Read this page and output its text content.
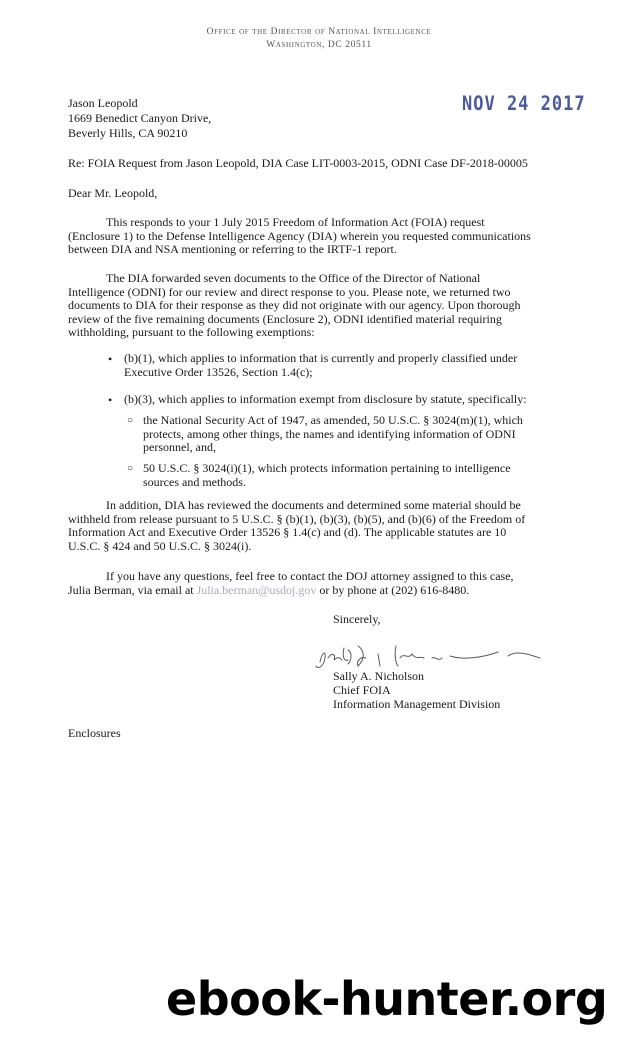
Office of the Director of National Intelligence
Washington, DC 20511
NOV 24 2017
Jason Leopold
1669 Benedict Canyon Drive,
Beverly Hills, CA 90210
Re: FOIA Request from Jason Leopold, DIA Case LIT-0003-2015, ODNI Case DF-2018-00005
Dear Mr. Leopold,
This responds to your 1 July 2015 Freedom of Information Act (FOIA) request
(Enclosure 1) to the Defense Intelligence Agency (DIA) wherein you requested communications
between DIA and NSA mentioning or referring to the IRTF-1 report.
The DIA forwarded seven documents to the Office of the Director of National
Intelligence (ODNI) for our review and direct response to you. Please note, we returned two
documents to DIA for their response as they did not originate with our agency. Upon thorough
review of the five remaining documents (Enclosure 2), ODNI identified material requiring
withholding, pursuant to the following exemptions:
• (b)(1), which applies to information that is currently and properly classified under
Executive Order 13526, Section 1.4(c);
• (b)(3), which applies to information exempt from disclosure by statute, specifically:
○ the National Security Act of 1947, as amended, 50 U.S.C. § 3024(m)(1), which
protects, among other things, the names and identifying information of ODNI
personnel, and,
○ 50 U.S.C. § 3024(i)(1), which protects information pertaining to intelligence
sources and methods.
In addition, DIA has reviewed the documents and determined some material should be
withheld from release pursuant to 5 U.S.C. § (b)(1), (b)(3), (b)(5), and (b)(6) of the Freedom of
Information Act and Executive Order 13526 § 1.4(c) and (d). The applicable statutes are 10
U.S.C. § 424 and 50 U.S.C. § 3024(i).
If you have any questions, feel free to contact the DOJ attorney assigned to this case,
Julia Berman, via email at Julia.berman@usdoj.gov or by phone at (202) 616-8480.
Sincerely,
Sally A. Nicholson
Chief FOIA
Information Management Division
Enclosures
ebook-hunter.org
